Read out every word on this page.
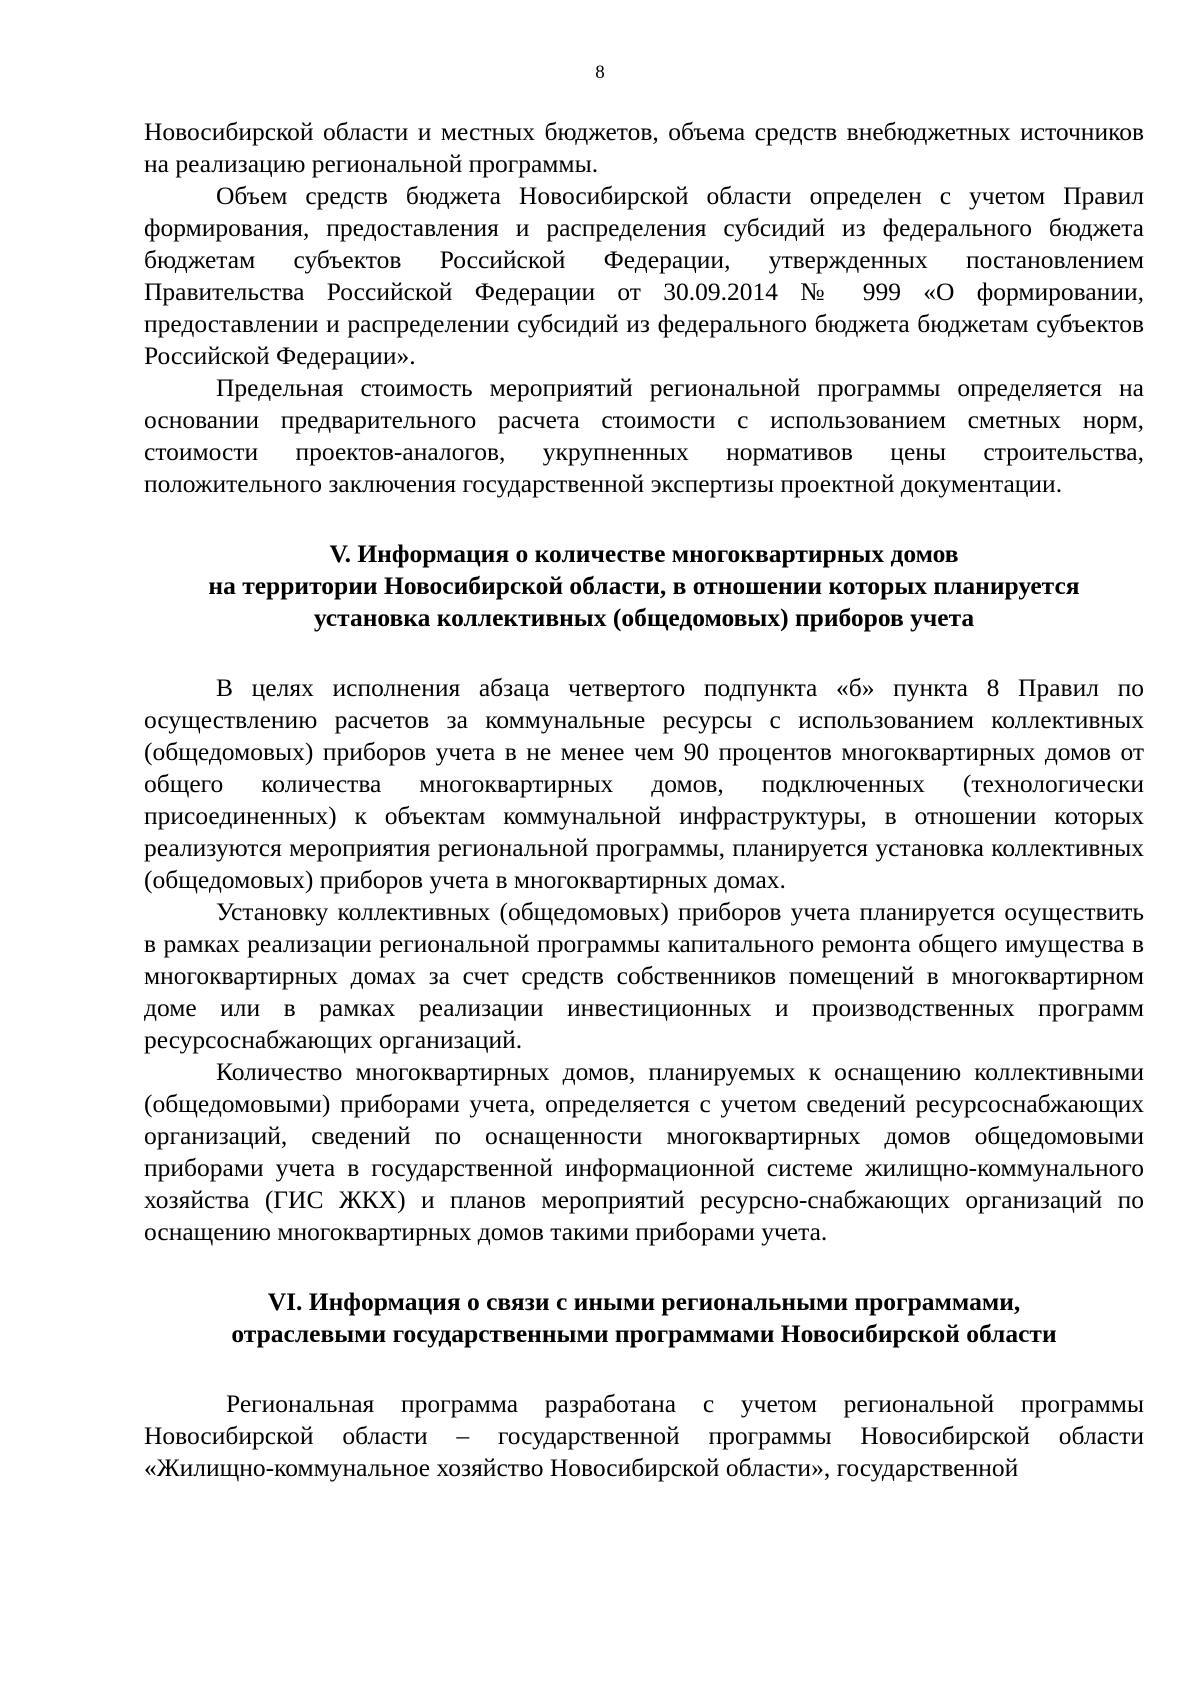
8

Новосибирской области и местных бюджетов, объема средств внебюджетных источников на реализацию региональной программы.

Объем средств бюджета Новосибирской области определен с учетом Правил формирования, предоставления и распределения субсидий из федерального бюджета бюджетам субъектов Российской Федерации, утвержденных постановлением Правительства Российской Федерации от 30.09.2014 № 999 «О формировании, предоставлении и распределении субсидий из федерального бюджета бюджетам субъектов Российской Федерации».

Предельная стоимость мероприятий региональной программы определяется на основании предварительного расчета стоимости с использованием сметных норм, стоимости проектов-аналогов, укрупненных нормативов цены строительства, положительного заключения государственной экспертизы проектной документации.

V. Информация о количестве многоквартирных домов
на территории Новосибирской области, в отношении которых планируется
установка коллективных (общедомовых) приборов учета

В целях исполнения абзаца четвертого подпункта «б» пункта 8 Правил по осуществлению расчетов за коммунальные ресурсы с использованием коллективных (общедомовых) приборов учета в не менее чем 90 процентов многоквартирных домов от общего количества многоквартирных домов, подключенных (технологически присоединенных) к объектам коммунальной инфраструктуры, в отношении которых реализуются мероприятия региональной программы, планируется установка коллективных (общедомовых) приборов учета в многоквартирных домах.

Установку коллективных (общедомовых) приборов учета планируется осуществить в рамках реализации региональной программы капитального ремонта общего имущества в многоквартирных домах за счет средств собственников помещений в многоквартирном доме или в рамках реализации инвестиционных и производственных программ ресурсоснабжающих организаций.

Количество многоквартирных домов, планируемых к оснащению коллективными (общедомовыми) приборами учета, определяется с учетом сведений ресурсоснабжающих организаций, сведений по оснащенности многоквартирных домов общедомовыми приборами учета в государственной информационной системе жилищно-коммунального хозяйства (ГИС ЖКХ) и планов мероприятий ресурсно-снабжающих организаций по оснащению многоквартирных домов такими приборами учета.

VI. Информация о связи с иными региональными программами,
отраслевыми государственными программами Новосибирской области

Региональная программа разработана с учетом региональной программы Новосибирской области – государственной программы Новосибирской области «Жилищно-коммунальное хозяйство Новосибирской области», государственной
